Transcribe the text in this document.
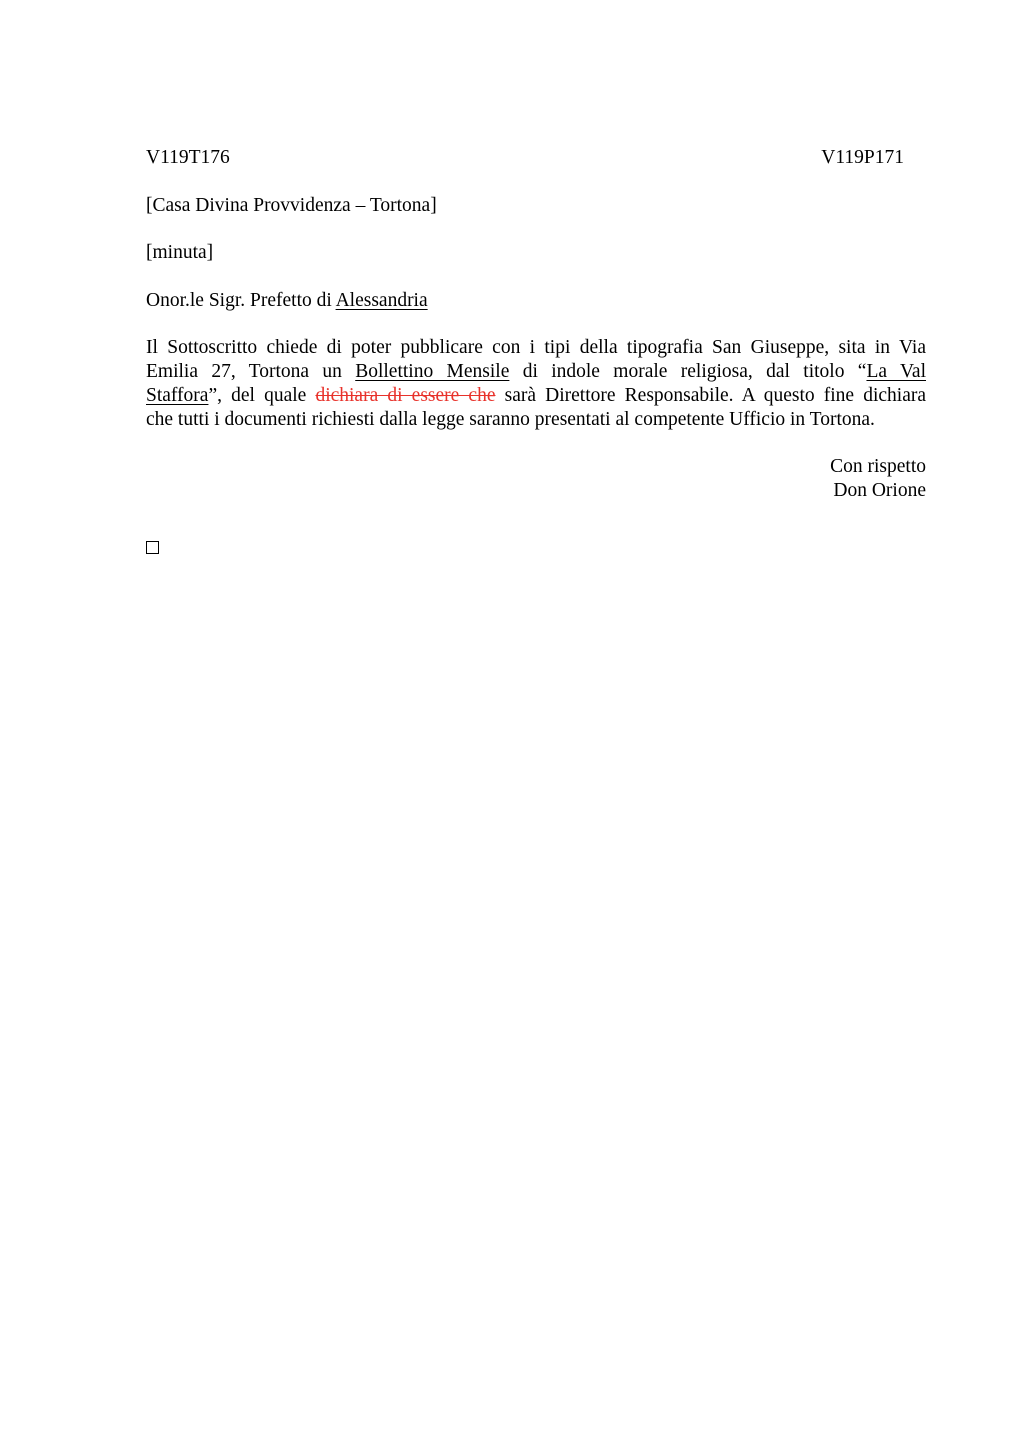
V119T176	V119P171
[Casa Divina Provvidenza – Tortona]
[minuta]
Onor.le Sigr. Prefetto di Alessandria
Il Sottoscritto chiede di poter pubblicare con i tipi della tipografia San Giuseppe, sita in Via
Emilia 27, Tortona un Bollettino Mensile di indole morale religiosa, dal titolo “La Val
Staffora”, del quale dichiara di essere che sarà Direttore Responsabile. A questo fine dichiara
che tutti i documenti richiesti dalla legge saranno presentati al competente Ufficio in Tortona.
Con rispetto
Don Orione
